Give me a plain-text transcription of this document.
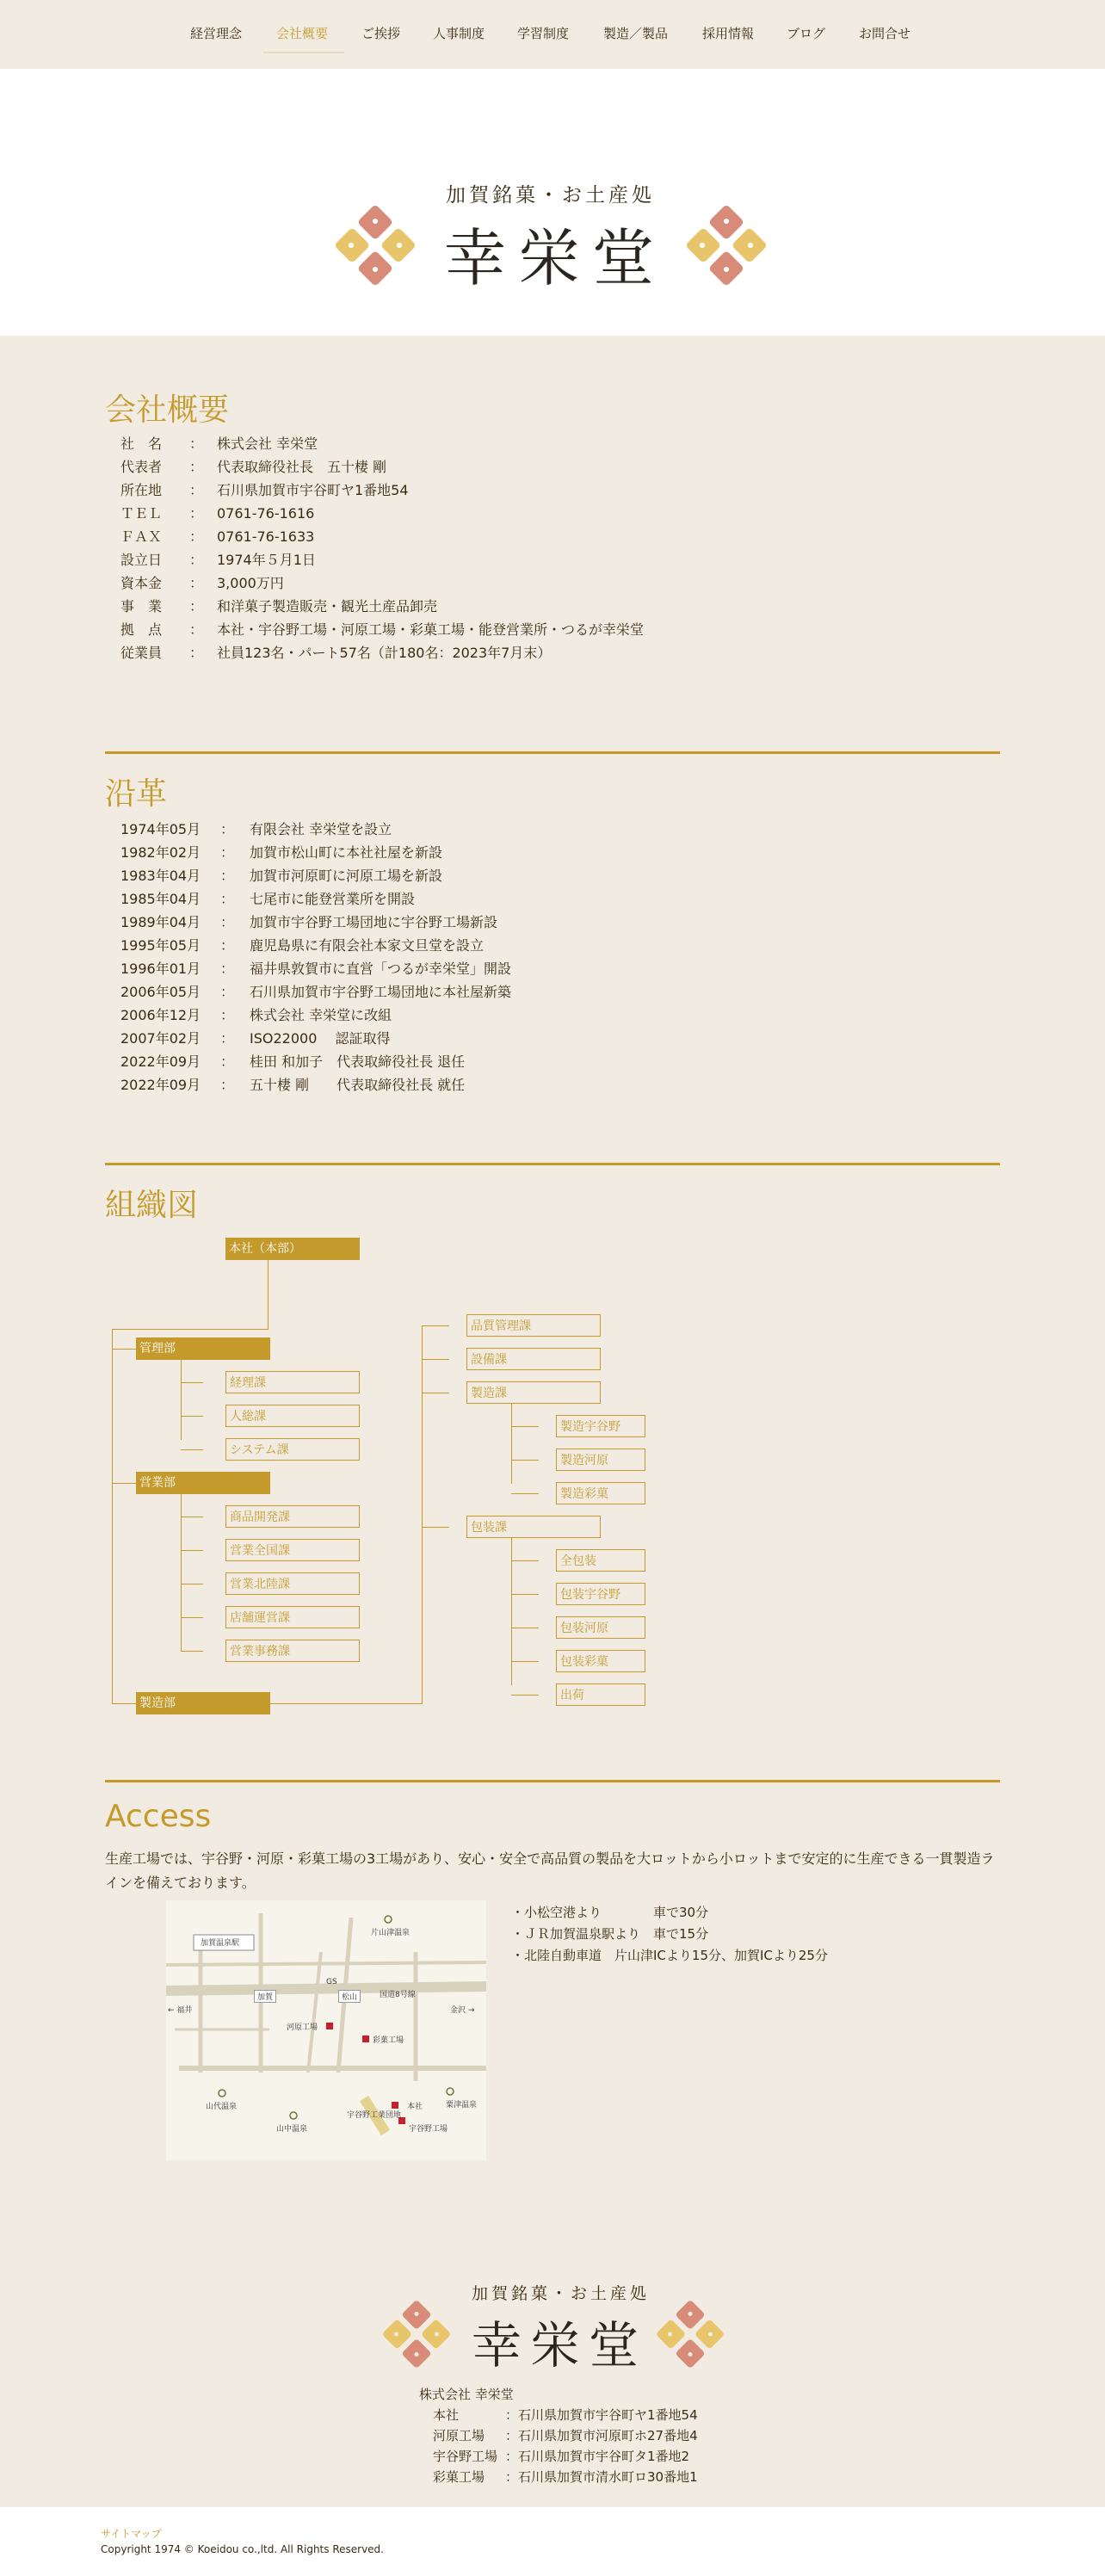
経営理念	会社概要	ご挨拶	人事制度	学習制度	製造／製品	採用情報	ブログ	お問合せ
加賀銘菓・お土産処
幸栄堂
会社概要
社　名 ： 株式会社 幸栄堂
代表者 ： 代表取締役社長　五十棲 剛
所在地 ： 石川県加賀市宇谷町ヤ1番地54
ＴＥＬ ： 0761-76-1616
ＦＡＸ ： 0761-76-1633
設立日 ： 1974年５月1日
資本金 ： 3,000万円
事　業 ： 和洋菓子製造販売・観光土産品卸売
拠　点 ： 本社・宇谷野工場・河原工場・彩菓工場・能登営業所・つるが幸栄堂
従業員 ： 社員123名・パート57名（計180名：2023年7月末）
沿革
1974年05月 ： 有限会社 幸栄堂を設立
1982年02月 ： 加賀市松山町に本社社屋を新設
1983年04月 ： 加賀市河原町に河原工場を新設
1985年04月 ： 七尾市に能登営業所を開設
1989年04月 ： 加賀市宇谷野工場団地に宇谷野工場新設
1995年05月 ： 鹿児島県に有限会社本家文旦堂を設立
1996年01月 ： 福井県敦賀市に直営「つるが幸栄堂」開設
2006年05月 ： 石川県加賀市宇谷野工場団地に本社屋新築
2006年12月 ： 株式会社 幸栄堂に改組
2007年02月 ： ISO22000　 認証取得
2022年09月 ： 桂田 和加子　代表取締役社長 退任
2022年09月 ： 五十棲 剛　　代表取締役社長 就任
組織図
本社（本部）
管理部
経理課
人総課
システム課
営業部
商品開発課
営業全国課
営業北陸課
店舗運営課
営業事務課
製造部
品質管理課
設備課
製造課
製造宇谷野
製造河原
製造彩菓
包装課
全包装
包装宇谷野
包装河原
包装彩菓
出荷
Access

生産工場では、宇谷野・河原・彩菓工場の3工場があり、安心・安全で高品質の製品を大ロットから小ロットまで安定的に生産できる一貫製造ラインを備えております。

加賀温泉駅
片山津温泉
← 福井	金沢 →
加賀
GS
松山	国道8号線
河原工場
彩菓工場
本社
宇谷野工業団地
宇谷野工場
山代温泉
山中温泉
粟津温泉
・小松空港より　　　　車で30分
・ＪＲ加賀温泉駅より　車で15分
・北陸自動車道　片山津ICより15分、加賀ICより25分
加賀銘菓・お土産処
幸栄堂
株式会社 幸栄堂
本社	：石川県加賀市宇谷町ヤ1番地54
河原工場 ：石川県加賀市河原町ホ27番地4
宇谷野工場 ：石川県加賀市宇谷町タ1番地2
彩菓工場 ：石川県加賀市清水町ロ30番地1
サイトマップ
Copyright 1974 © Koeidou co.,ltd. All Rights Reserved.
